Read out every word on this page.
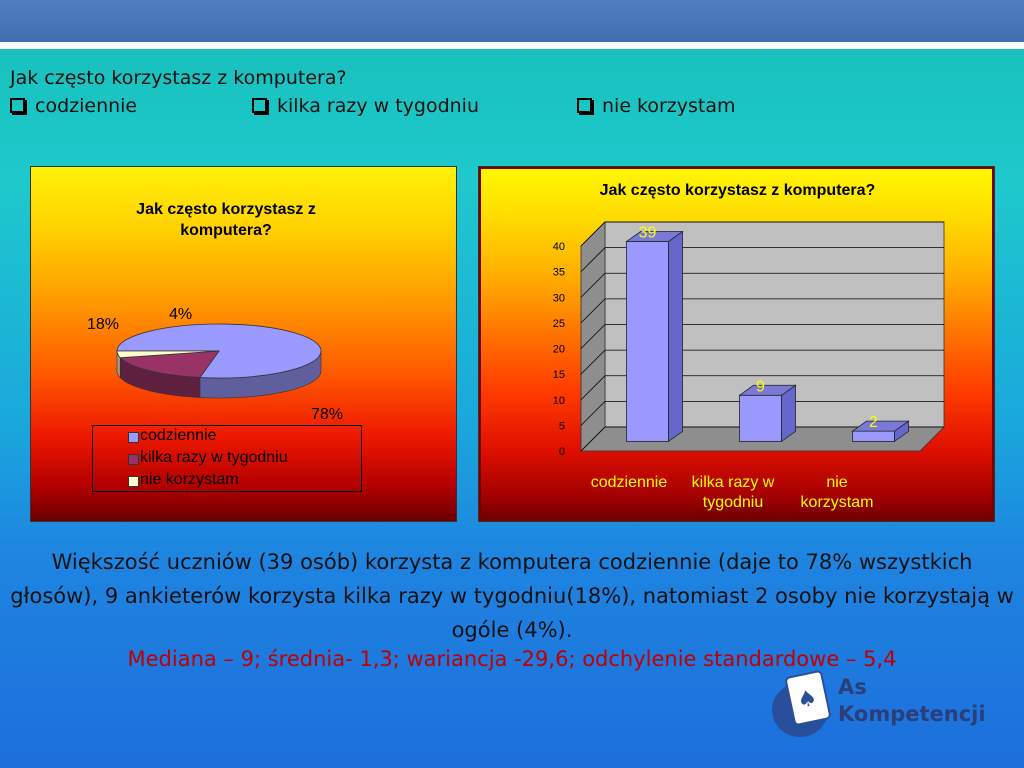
Jak często korzystasz z komputera?
codziennie	kilka razy w tygodniu	nie korzystam
Jak często korzystasz z komputera?
78%
18%
4%
codziennie
kilka razy w tygodniu
nie korzystam
Jak często korzystasz z komputera?
0
5
10
15
20
25
30
35
40
39
9
2
codziennie kilka razy w tygodniu
nie korzystam
Większość uczniów (39 osób) korzysta z komputera codziennie (daje to 78% wszystkich głosów), 9 ankieterów korzysta kilka razy w tygodniu(18%), natomiast 2 osoby nie korzystają w ogóle (4%).
Mediana – 9; średnia- 1,3; wariancja -29,6; odchylenie standardowe – 5,4
♠ As
Kompetencji
